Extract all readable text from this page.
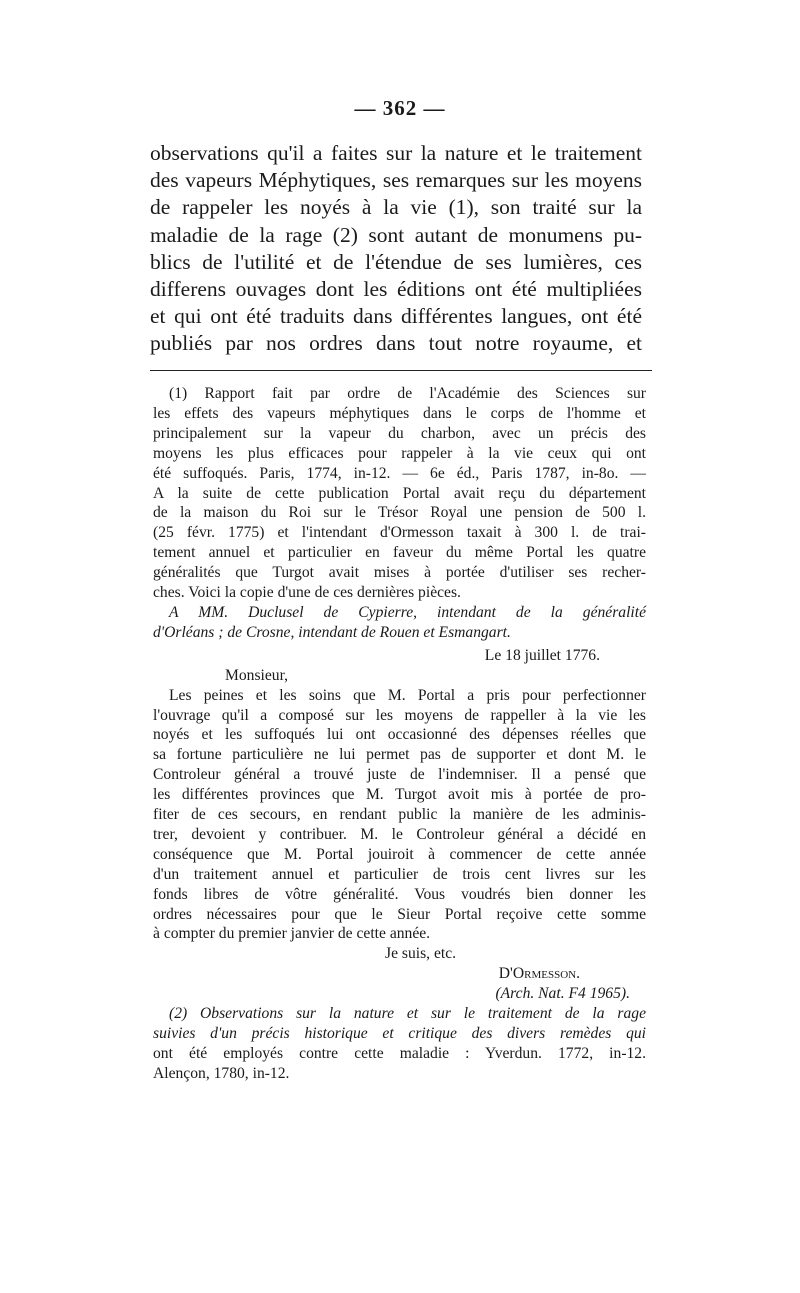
— 362 —
observations qu'il a faites sur la nature et le traitement
des vapeurs Méphytiques, ses remarques sur les moyens
de rappeler les noyés à la vie (1), son traité sur la
maladie de la rage (2) sont autant de monumens pu-
blics de l'utilité et de l'étendue de ses lumières, ces
differens ouvages dont les éditions ont été multipliées
et qui ont été traduits dans différentes langues, ont été
publiés par nos ordres dans tout notre royaume, et
(1) Rapport fait par ordre de l'Académie des Sciences sur
les effets des vapeurs méphytiques dans le corps de l'homme et
principalement sur la vapeur du charbon, avec un précis des
moyens les plus efficaces pour rappeler à la vie ceux qui ont
été suffoqués. Paris, 1774, in-12. — 6e éd., Paris 1787, in-8o. —
A la suite de cette publication Portal avait reçu du département
de la maison du Roi sur le Trésor Royal une pension de 500 l.
(25 févr. 1775) et l'intendant d'Ormesson taxait à 300 l. de trai-
tement annuel et particulier en faveur du même Portal les quatre
généralités que Turgot avait mises à portée d'utiliser ses recher-
ches. Voici la copie d'une de ces dernières pièces.
A MM. Duclusel de Cypierre, intendant de la généralité
d'Orléans ; de Crosne, intendant de Rouen et Esmangart.
Le 18 juillet 1776.
Monsieur,
Les peines et les soins que M. Portal a pris pour perfectionner
l'ouvrage qu'il a composé sur les moyens de rappeller à la vie les
noyés et les suffoqués lui ont occasionné des dépenses réelles que
sa fortune particulière ne lui permet pas de supporter et dont M. le
Controleur général a trouvé juste de l'indemniser. Il a pensé que
les différentes provinces que M. Turgot avoit mis à portée de pro-
fiter de ces secours, en rendant public la manière de les adminis-
trer, devoient y contribuer. M. le Controleur général a décidé en
conséquence que M. Portal jouiroit à commencer de cette année
d'un traitement annuel et particulier de trois cent livres sur les
fonds libres de vôtre généralité. Vous voudrés bien donner les
ordres nécessaires pour que le Sieur Portal reçoive cette somme
à compter du premier janvier de cette année.
Je suis, etc.
D'Ormesson.
(Arch. Nat. F4 1965).
(2) Observations sur la nature et sur le traitement de la rage
suivies d'un précis historique et critique des divers remèdes qui
ont été employés contre cette maladie : Yverdun. 1772, in-12.
Alençon, 1780, in-12.
